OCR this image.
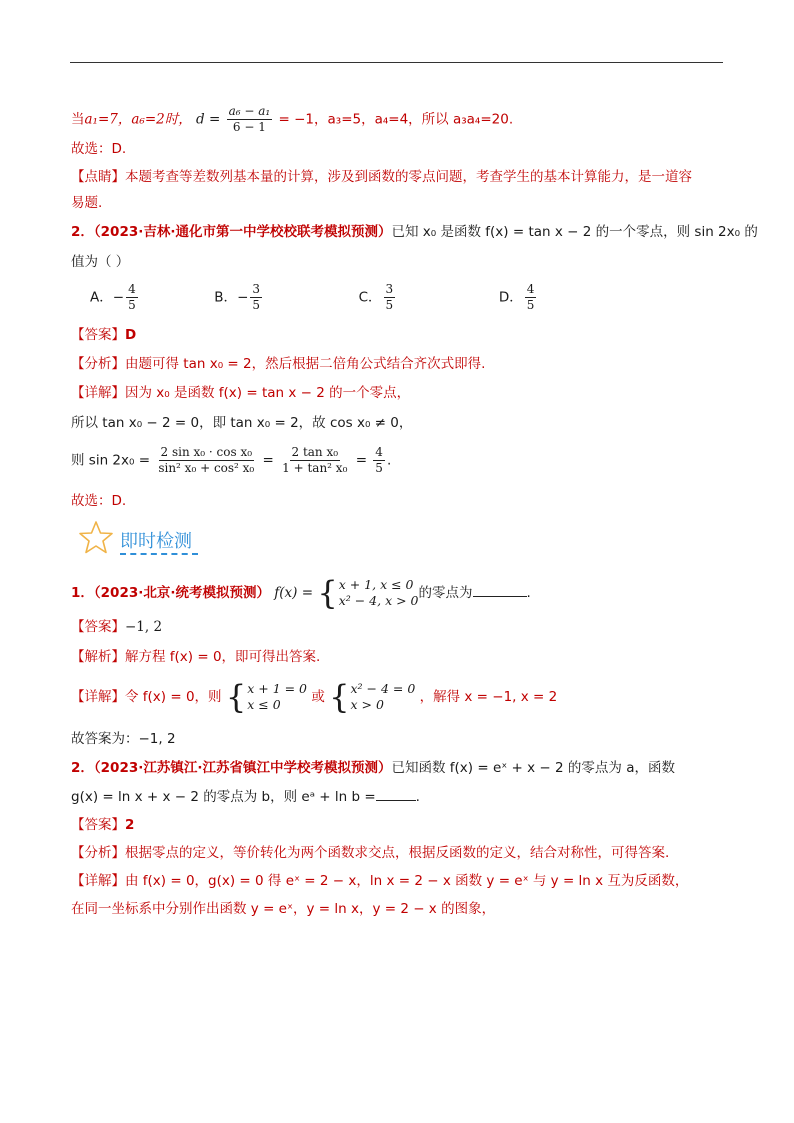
当a₁=7，a₆=2时， $d = \frac{\text{a₆ − a₁}}{6 - 1} = -1$，a₃=5，a₄=4，所以 a₃a₄=20.
故选：D.
【点睛】本题考查等差数列基本量的计算，涉及到函数的零点问题，考查学生的基本计算能力，是一道容
易题.
2．（2023·吉林·通化市第一中学校校联考模拟预测）已知 x₀ 是函数 f(x) = tan x − 2 的一个零点，则 sin 2x₀ 的
值为（ ）
A．− $\frac{4}{5}$	B．− $\frac{3}{5}$	C． $\frac{3}{5}$	D． $\frac{4}{5}$
【答案】D
【分析】由题可得 tan x₀ = 2，然后根据二倍角公式结合齐次式即得.
【详解】因为 x₀ 是函数 f(x) = tan x − 2 的一个零点，
所以 tan x₀ − 2 = 0，即 tan x₀ = 2，故 cos x₀ ≠ 0，
则 $\sin 2x_0 = \frac{\text{2 sin x₀ · cos x₀}}{\text{sin² x₀ + cos² x₀}} = \frac{\text{2 tan x₀}}{\text{1 + tan² x₀}} = \frac{4}{5}$ .
故选：D.
即时检测
1．（2023·北京·统考模拟预测） f(x) = { x + 1, x ≤ 0
x² − 4, x > 0 的零点为	.
【答案】−1, 2
【解析】解方程 f(x) = 0，即可得出答案.
【详解】令 f(x) = 0，则 { x + 1 = 0
x ≤ 0	或 { x² − 4 = 0
x > 0	，解得 x = −1, x = 2
故答案为：−1, 2
2．（2023·江苏镇江·江苏省镇江中学校考模拟预测）已知函数 f(x) = eˣ + x − 2 的零点为 a，函数
g(x) = ln x + x − 2 的零点为 b，则 eᵃ + ln b =	.
【答案】2
【分析】根据零点的定义，等价转化为两个函数求交点，根据反函数的定义，结合对称性，可得答案.
【详解】由 f(x) = 0，g(x) = 0 得 eˣ = 2 − x，ln x = 2 − x 函数 y = eˣ 与 y = ln x 互为反函数，
在同一坐标系中分别作出函数 y = eˣ，y = ln x，y = 2 − x 的图象，
